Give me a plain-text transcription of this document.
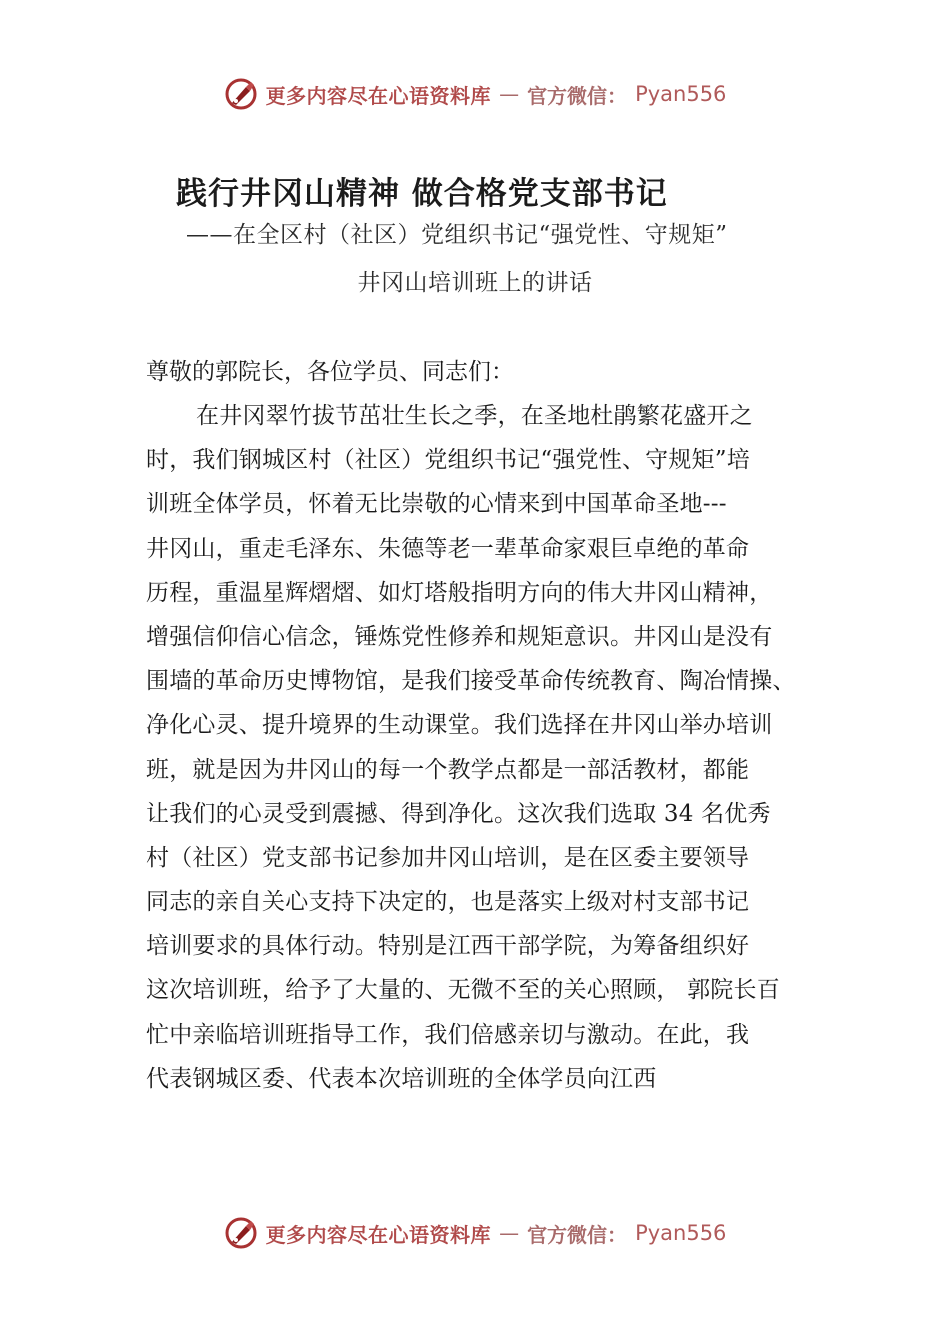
更多内容尽在心语资料库 — 官方微信： Pyan556
践行井冈山精神 做合格党支部书记
——在全区村（社区）党组织书记“强党性、守规矩”
井冈山培训班上的讲话
尊敬的郭院长，各位学员、同志们：
在井冈翠竹拔节茁壮生长之季，在圣地杜鹃繁花盛开之
时，我们钢城区村（社区）党组织书记“强党性、守规矩”培
训班全体学员，怀着无比崇敬的心情来到中国革命圣地---
井冈山，重走毛泽东、朱德等老一辈革命家艰巨卓绝的革命
历程，重温星辉熠熠、如灯塔般指明方向的伟大井冈山精神，
增强信仰信心信念，锤炼党性修养和规矩意识。井冈山是没有
围墙的革命历史博物馆，是我们接受革命传统教育、陶冶情操、
净化心灵、提升境界的生动课堂。我们选择在井冈山举办培训
班，就是因为井冈山的每一个教学点都是一部活教材，都能
让我们的心灵受到震撼、得到净化。这次我们选取 34 名优秀
村（社区）党支部书记参加井冈山培训，是在区委主要领导
同志的亲自关心支持下决定的，也是落实上级对村支部书记
培训要求的具体行动。特别是江西干部学院，为筹备组织好
这次培训班，给予了大量的、无微不至的关心照顾， 郭院长百
忙中亲临培训班指导工作，我们倍感亲切与激动。在此，我
代表钢城区委、代表本次培训班的全体学员向江西
更多内容尽在心语资料库 — 官方微信： Pyan556
